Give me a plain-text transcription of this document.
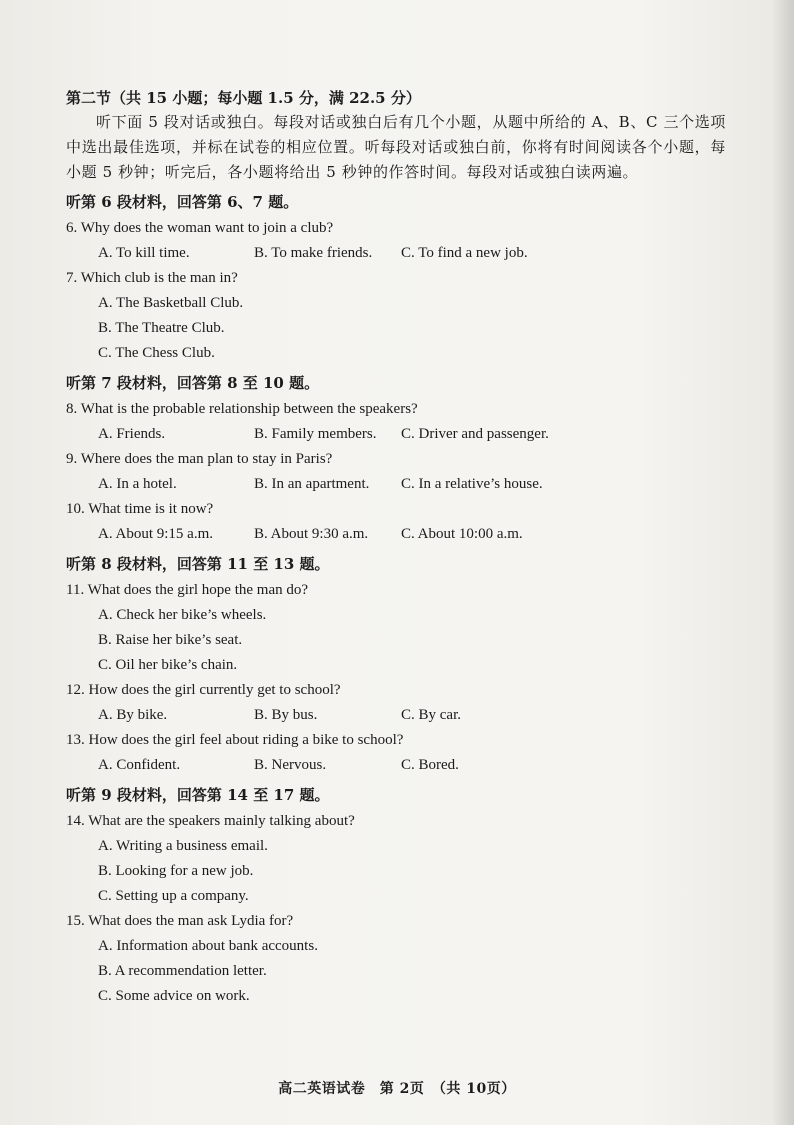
第二节（共 15 小题；每小题 1.5 分，满 22.5 分）

听下面 5 段对话或独白。每段对话或独白后有几个小题，从题中所给的 A、B、C 三个选项中选出最佳选项，并标在试卷的相应位置。听每段对话或独白前，你将有时间阅读各个小题，每小题 5 秒钟；听完后，各小题将给出 5 秒钟的作答时间。每段对话或独白读两遍。

听第 6 段材料，回答第 6、7 题。

6. Why does the woman want to join a club?

A. To kill time.	B. To make friends.	C. To find a new job.

7. Which club is the man in?

A. The Basketball Club.

B. The Theatre Club.

C. The Chess Club.

听第 7 段材料，回答第 8 至 10 题。

8. What is the probable relationship between the speakers?

A. Friends.	B. Family members.	C. Driver and passenger.

9. Where does the man plan to stay in Paris?

A. In a hotel.	B. In an apartment.	C. In a relative’s house.

10. What time is it now?

A. About 9:15 a.m.	B. About 9:30 a.m.	C. About 10:00 a.m.

听第 8 段材料，回答第 11 至 13 题。

11. What does the girl hope the man do?

A. Check her bike’s wheels.

B. Raise her bike’s seat.

C. Oil her bike’s chain.

12. How does the girl currently get to school?

A. By bike.	B. By bus.	C. By car.

13. How does the girl feel about riding a bike to school?

A. Confident.	B. Nervous.	C. Bored.

听第 9 段材料，回答第 14 至 17 题。

14. What are the speakers mainly talking about?

A. Writing a business email.

B. Looking for a new job.

C. Setting up a company.

15. What does the man ask Lydia for?

A. Information about bank accounts.

B. A recommendation letter.

C. Some advice on work.

高二英语试卷　第 2页　（共 10页）
